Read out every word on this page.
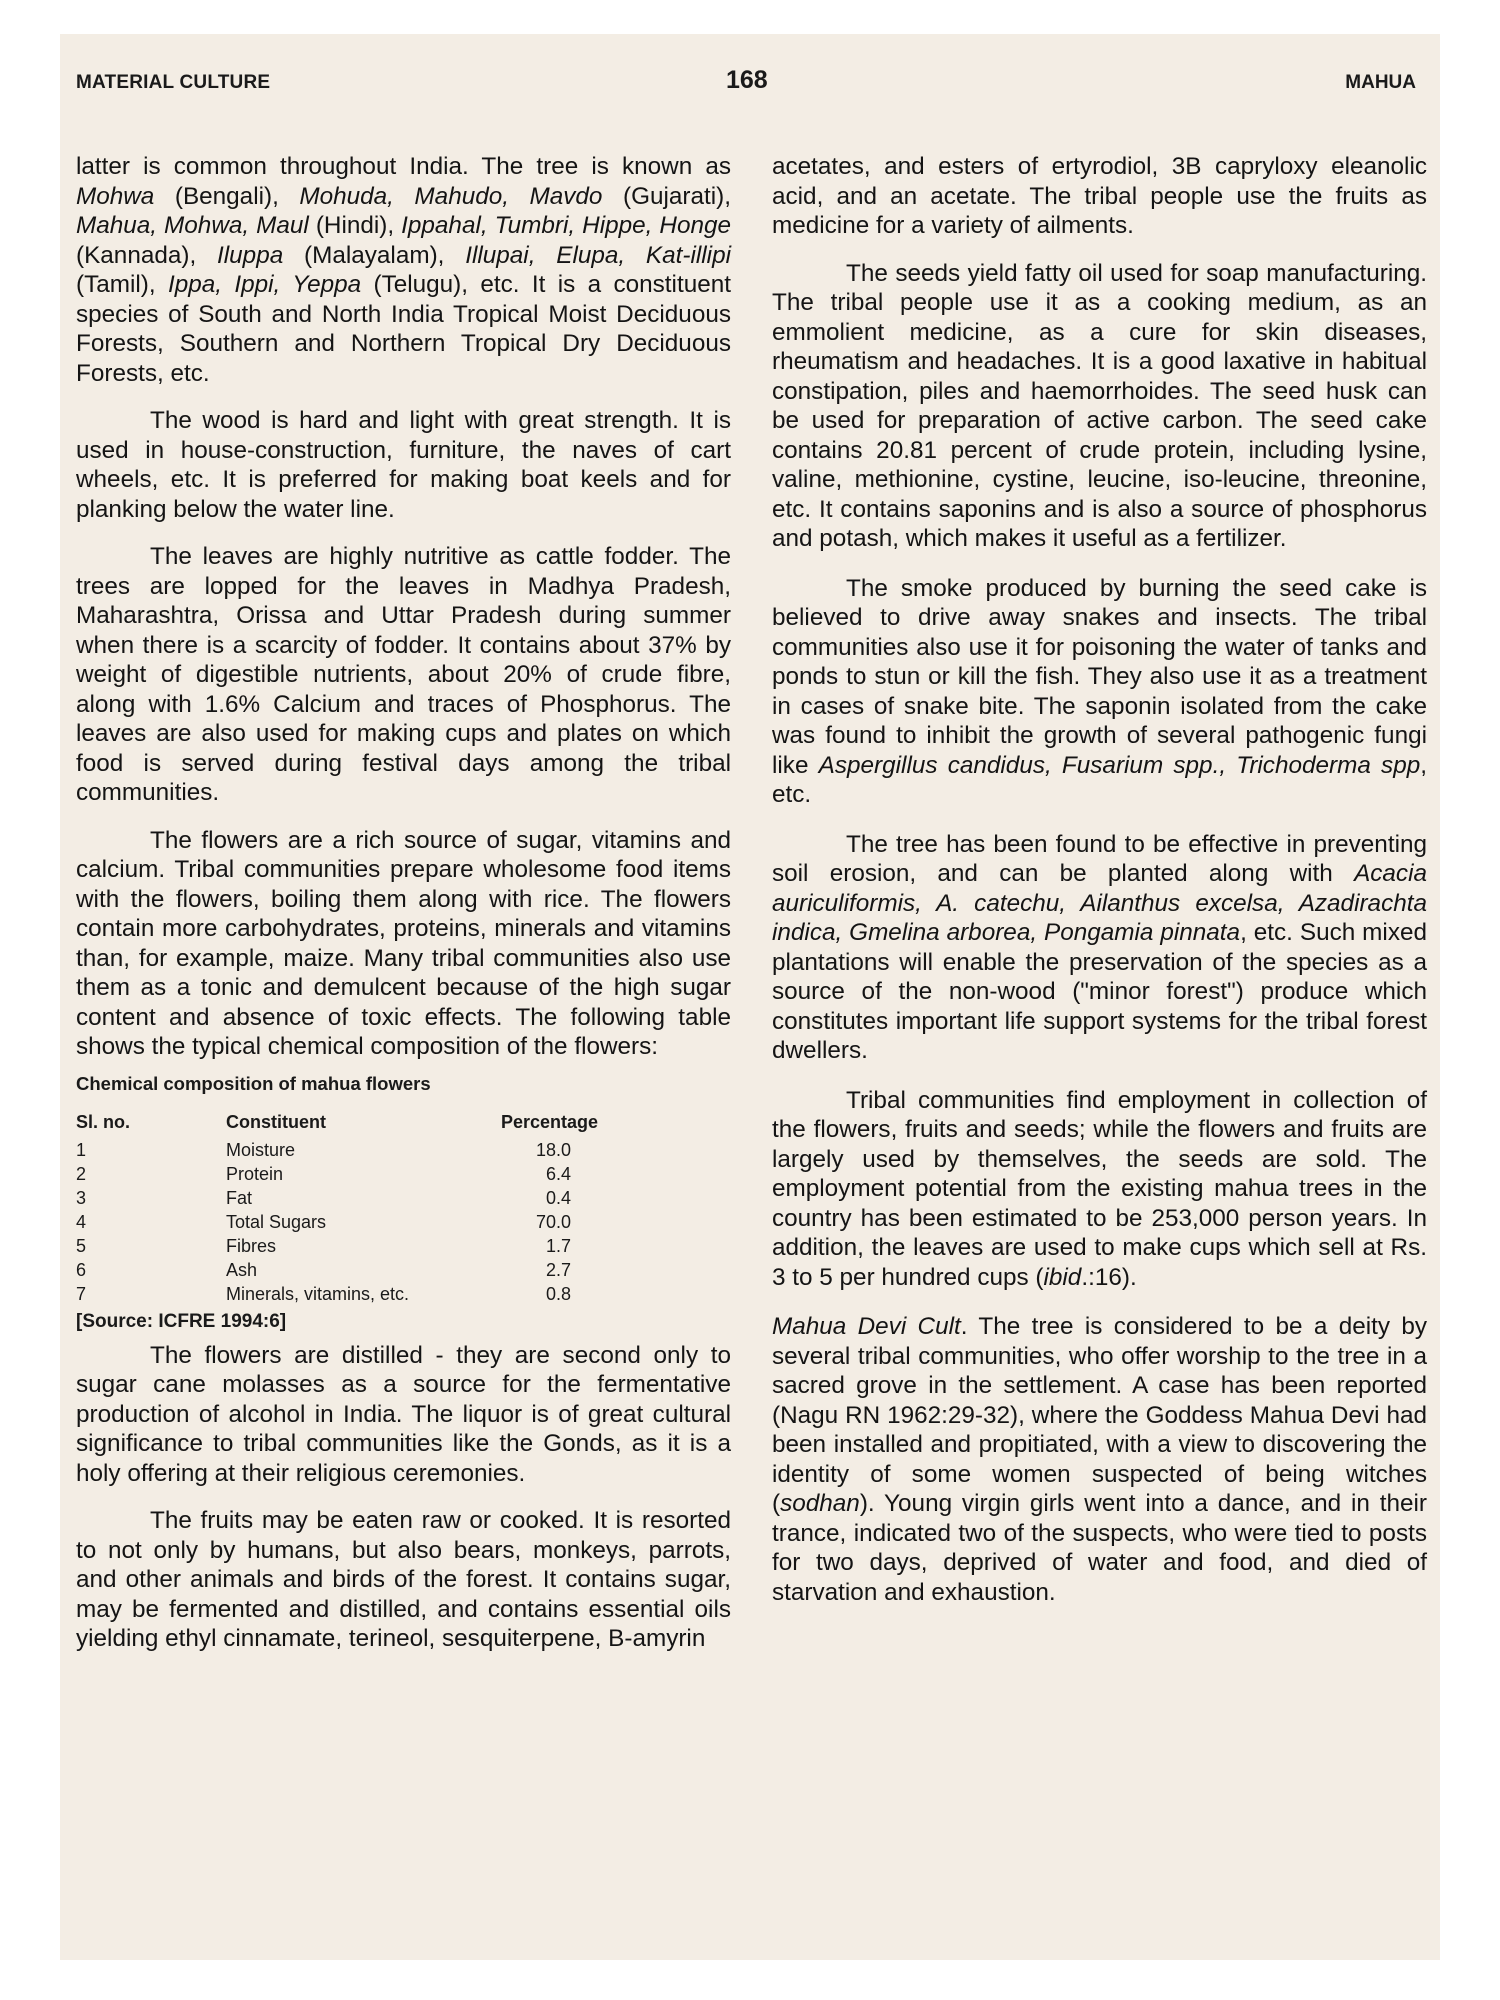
MATERIAL CULTURE	168	MAHUA

latter is common throughout India. The tree is known as Mohwa (Bengali), Mohuda, Mahudo, Mavdo (Gujarati), Mahua, Mohwa, Maul (Hindi), Ippahal, Tumbri, Hippe, Honge (Kannada), Iluppa (Malayalam), Illupai, Elupa, Kat-illipi (Tamil), Ippa, Ippi, Yeppa (Telugu), etc. It is a constituent species of South and North India Tropical Moist Deciduous Forests, Southern and Northern Tropical Dry Deciduous Forests, etc.

The wood is hard and light with great strength. It is used in house-construction, furniture, the naves of cart wheels, etc. It is preferred for making boat keels and for planking below the water line.

The leaves are highly nutritive as cattle fodder. The trees are lopped for the leaves in Madhya Pradesh, Maharashtra, Orissa and Uttar Pradesh during summer when there is a scarcity of fodder. It contains about 37% by weight of digestible nutrients, about 20% of crude fibre, along with 1.6% Calcium and traces of Phosphorus. The leaves are also used for making cups and plates on which food is served during festival days among the tribal communities.

The flowers are a rich source of sugar, vitamins and calcium. Tribal communities prepare wholesome food items with the flowers, boiling them along with rice. The flowers contain more carbohydrates, proteins, minerals and vitamins than, for example, maize. Many tribal communities also use them as a tonic and demulcent because of the high sugar content and absence of toxic effects. The following table shows the typical chemical composition of the flowers:

Chemical composition of mahua flowers
Sl. no.	Constituent	Percentage
1	Moisture	18.0
2	Protein	6.4
3	Fat	0.4
4	Total Sugars	70.0
5	Fibres	1.7
6	Ash	2.7
7	Minerals, vitamins, etc.	0.8
[Source: ICFRE 1994:6]

The flowers are distilled - they are second only to sugar cane molasses as a source for the fermentative production of alcohol in India. The liquor is of great cultural significance to tribal communities like the Gonds, as it is a holy offering at their religious ceremonies.

The fruits may be eaten raw or cooked. It is resorted to not only by humans, but also bears, monkeys, parrots, and other animals and birds of the forest. It contains sugar, may be fermented and distilled, and contains essential oils yielding ethyl cinnamate, terineol, sesquiterpene, B-amyrin

acetates, and esters of ertyrodiol, 3B capryloxy eleanolic acid, and an acetate. The tribal people use the fruits as medicine for a variety of ailments.

The seeds yield fatty oil used for soap manufacturing. The tribal people use it as a cooking medium, as an emmolient medicine, as a cure for skin diseases, rheumatism and headaches. It is a good laxative in habitual constipation, piles and haemorrhoides. The seed husk can be used for preparation of active carbon. The seed cake contains 20.81 percent of crude protein, including lysine, valine, methionine, cystine, leucine, iso-leucine, threonine, etc. It contains saponins and is also a source of phosphorus and potash, which makes it useful as a fertilizer.

The smoke produced by burning the seed cake is believed to drive away snakes and insects. The tribal communities also use it for poisoning the water of tanks and ponds to stun or kill the fish. They also use it as a treatment in cases of snake bite. The saponin isolated from the cake was found to inhibit the growth of several pathogenic fungi like Aspergillus candidus, Fusarium spp., Trichoderma spp, etc.

The tree has been found to be effective in preventing soil erosion, and can be planted along with Acacia auriculiformis, A. catechu, Ailanthus excelsa, Azadirachta indica, Gmelina arborea, Pongamia pinnata, etc. Such mixed plantations will enable the preservation of the species as a source of the non-wood ("minor forest") produce which constitutes important life support systems for the tribal forest dwellers.

Tribal communities find employment in collection of the flowers, fruits and seeds; while the flowers and fruits are largely used by themselves, the seeds are sold. The employment potential from the existing mahua trees in the country has been estimated to be 253,000 person years. In addition, the leaves are used to make cups which sell at Rs. 3 to 5 per hundred cups (ibid.:16).

Mahua Devi Cult. The tree is considered to be a deity by several tribal communities, who offer worship to the tree in a sacred grove in the settlement. A case has been reported (Nagu RN 1962:29-32), where the Goddess Mahua Devi had been installed and propitiated, with a view to discovering the identity of some women suspected of being witches (sodhan). Young virgin girls went into a dance, and in their trance, indicated two of the suspects, who were tied to posts for two days, deprived of water and food, and died of starvation and exhaustion.
